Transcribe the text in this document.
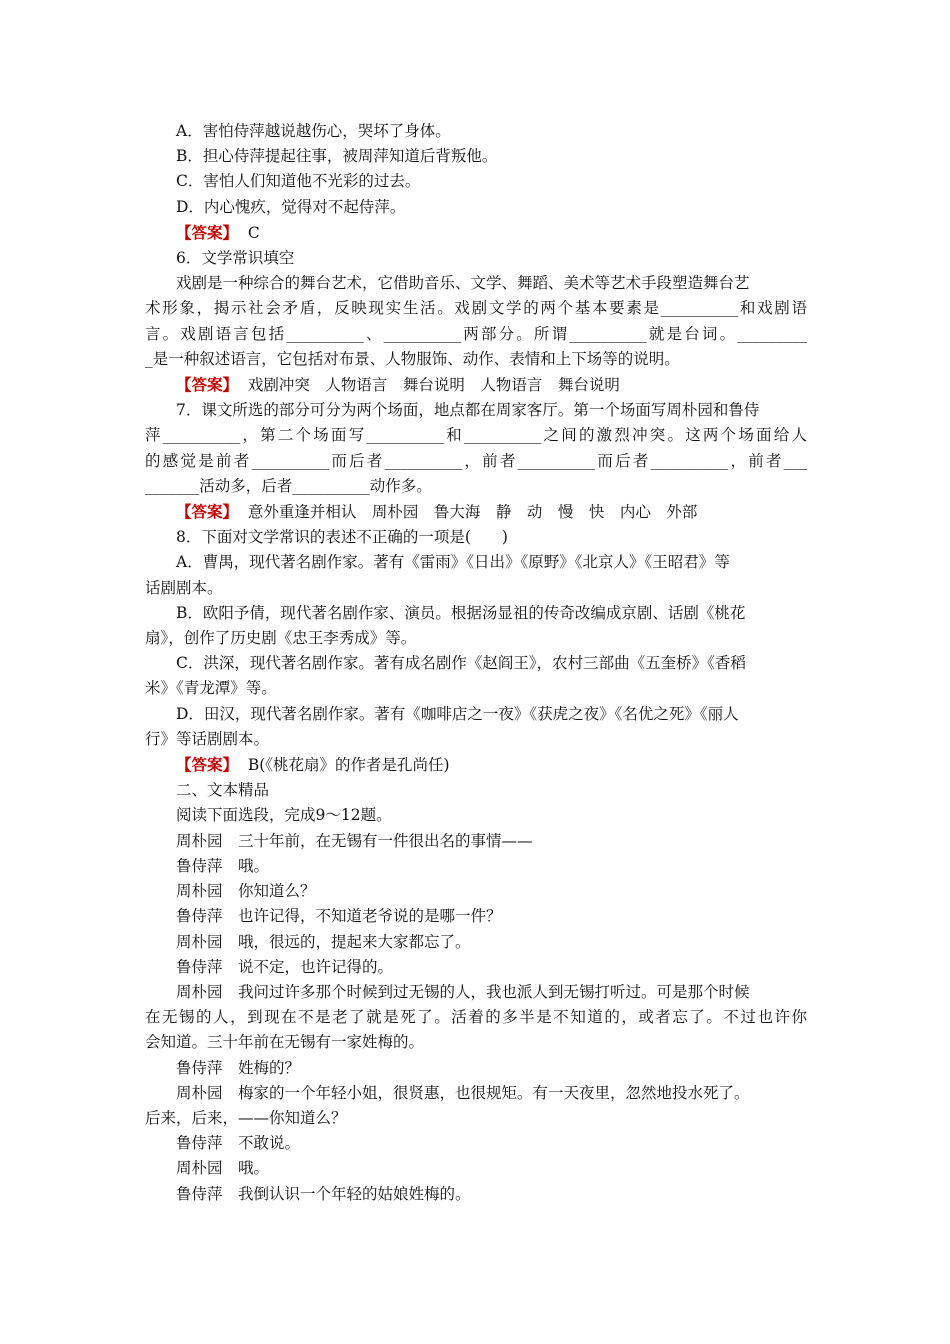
A．害怕侍萍越说越伤心，哭坏了身体。
B．担心侍萍提起往事，被周萍知道后背叛他。
C．害怕人们知道他不光彩的过去。
D．内心愧疚，觉得对不起侍萍。
【答案】  C
6．文学常识填空
戏剧是一种综合的舞台艺术，它借助音乐、文学、舞蹈、美术等艺术手段塑造舞台艺
术形象，揭示社会矛盾，反映现实生活。戏剧文学的两个基本要素是__________和戏剧语
言。戏剧语言包括__________、__________两部分。所谓__________就是台词。_________
_是一种叙述语言，它包括对布景、人物服饰、动作、表情和上下场等的说明。
【答案】  戏剧冲突　人物语言　舞台说明　人物语言　舞台说明
7．课文所选的部分可分为两个场面，地点都在周家客厅。第一个场面写周朴园和鲁侍
萍__________，第二个场面写__________和__________之间的激烈冲突。这两个场面给人
的感觉是前者__________而后者__________，前者__________而后者__________，前者___
_______活动多，后者__________动作多。
【答案】  意外重逢并相认　周朴园　鲁大海　静　动　慢　快　内心　外部
8．下面对文学常识的表述不正确的一项是(　　)
A．曹禺，现代著名剧作家。著有《雷雨》《日出》《原野》《北京人》《王昭君》等
话剧剧本。
B．欧阳予倩，现代著名剧作家、演员。根据汤显祖的传奇改编成京剧、话剧《桃花
扇》，创作了历史剧《忠王李秀成》等。
C．洪深，现代著名剧作家。著有成名剧作《赵阎王》，农村三部曲《五奎桥》《香稻
米》《青龙潭》等。
D．田汉，现代著名剧作家。著有《咖啡店之一夜》《获虎之夜》《名优之死》《丽人
行》等话剧剧本。
【答案】  B(《桃花扇》的作者是孔尚任)
二、文本精品
阅读下面选段，完成9～12题。
周朴园　三十年前，在无锡有一件很出名的事情——
鲁侍萍　哦。
周朴园　你知道么？
鲁侍萍　也许记得，不知道老爷说的是哪一件？
周朴园　哦，很远的，提起来大家都忘了。
鲁侍萍　说不定，也许记得的。
周朴园　我问过许多那个时候到过无锡的人，我也派人到无锡打听过。可是那个时候
在无锡的人，到现在不是老了就是死了。活着的多半是不知道的，或者忘了。不过也许你
会知道。三十年前在无锡有一家姓梅的。
鲁侍萍　姓梅的？
周朴园　梅家的一个年轻小姐，很贤惠，也很规矩。有一天夜里，忽然地投水死了。
后来，后来，——你知道么？
鲁侍萍　不敢说。
周朴园　哦。
鲁侍萍　我倒认识一个年轻的姑娘姓梅的。
